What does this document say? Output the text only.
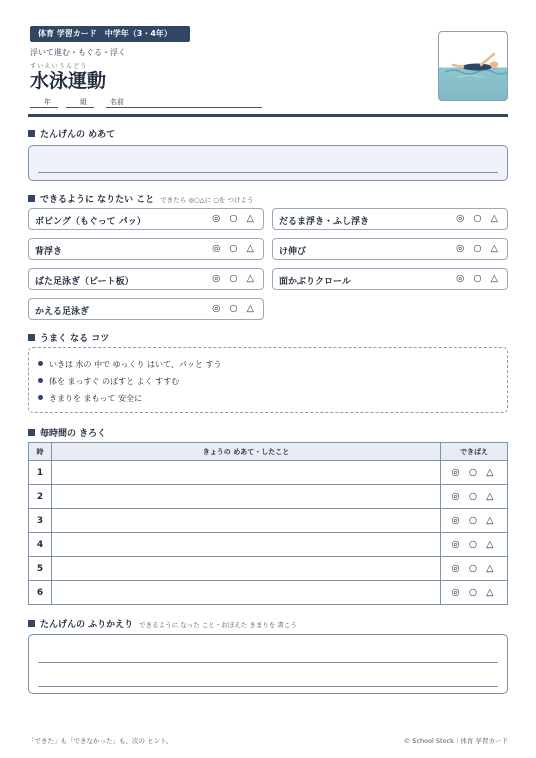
体育 学習カード　中学年（3・4年）
浮いて進む・もぐる・浮く
すいえいうんどう
水泳運動
年	組	名前
たんげんの めあて
できるように なりたい こと できたら ◎○△に ○を つけよう
ボビング（もぐって パッ）	◎ ○ △ だるま浮き・ふし浮き	◎ ○ △
背浮き	◎ ○ △ け伸び	◎ ○ △
ばた足泳ぎ（ビート板）	◎ ○ △ 面かぶりクロール	◎ ○ △
かえる足泳ぎ	◎ ○ △
うまく なる コツ
いきは 水の 中で ゆっくり はいて、パッと すう
体を まっすぐ のばすと よく すすむ
きまりを まもって 安全に
毎時間の きろく
時	きょうの めあて・したこと	できばえ
1		◎ ○ △
2		◎ ○ △
3		◎ ○ △
4		◎ ○ △
5		◎ ○ △
6		◎ ○ △
たんげんの ふりかえり できるように なった こと・おぼえた きまりを 書こう
「できた」も「できなかった」も、次の ヒント。	© School Stock｜体育 学習カード
